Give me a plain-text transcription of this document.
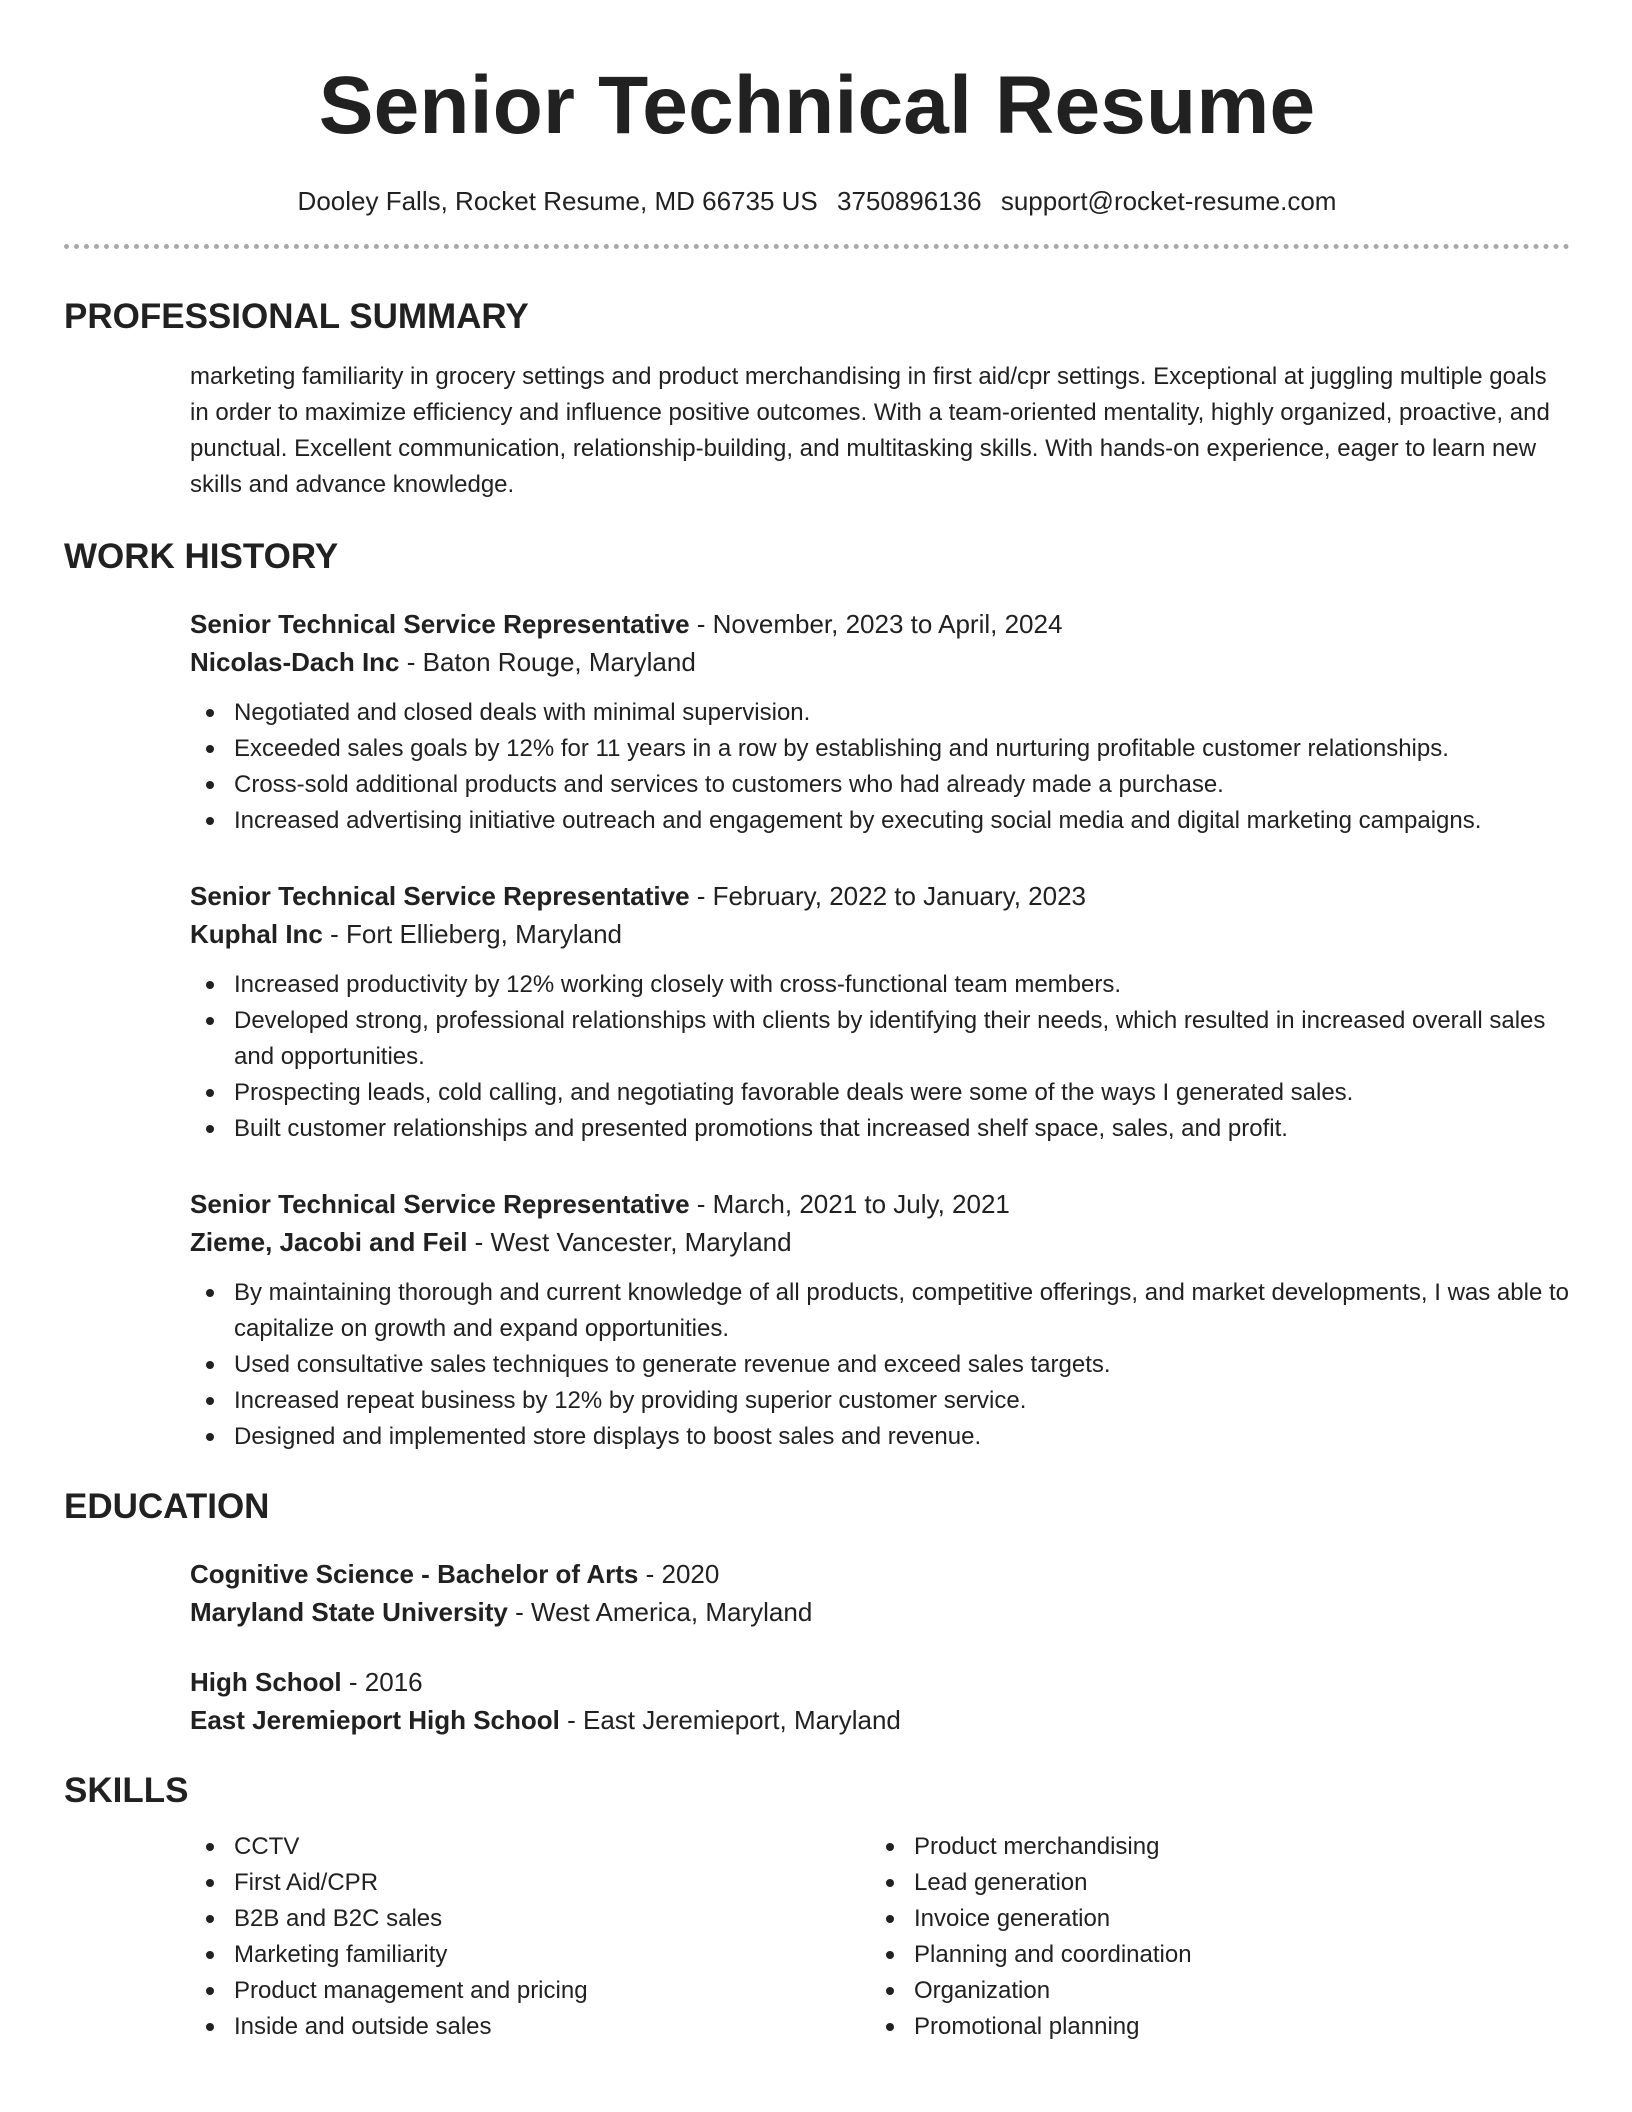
Senior Technical Resume
Dooley Falls, Rocket Resume, MD 66735 US 3750896136 support@rocket-resume.com
PROFESSIONAL SUMMARY

marketing familiarity in grocery settings and product merchandising in first aid/cpr settings. Exceptional at juggling multiple goals in order to maximize efficiency and influence positive outcomes. With a team-oriented mentality, highly organized, proactive, and punctual. Excellent communication, relationship-building, and multitasking skills. With hands-on experience, eager to learn new skills and advance knowledge.

WORK HISTORY
Senior Technical Service Representative - November, 2023 to April, 2024
Nicolas-Dach Inc - Baton Rouge, Maryland
Negotiated and closed deals with minimal supervision.
Exceeded sales goals by 12% for 11 years in a row by establishing and nurturing profitable customer relationships.
Cross-sold additional products and services to customers who had already made a purchase.
Increased advertising initiative outreach and engagement by executing social media and digital marketing campaigns.
Senior Technical Service Representative - February, 2022 to January, 2023
Kuphal Inc - Fort Ellieberg, Maryland
Increased productivity by 12% working closely with cross-functional team members.
Developed strong, professional relationships with clients by identifying their needs, which resulted in increased overall sales and opportunities.
Prospecting leads, cold calling, and negotiating favorable deals were some of the ways I generated sales.
Built customer relationships and presented promotions that increased shelf space, sales, and profit.
Senior Technical Service Representative - March, 2021 to July, 2021
Zieme, Jacobi and Feil - West Vancester, Maryland
By maintaining thorough and current knowledge of all products, competitive offerings, and market developments, I was able to capitalize on growth and expand opportunities.
Used consultative sales techniques to generate revenue and exceed sales targets.
Increased repeat business by 12% by providing superior customer service.
Designed and implemented store displays to boost sales and revenue.
EDUCATION
Cognitive Science - Bachelor of Arts - 2020
Maryland State University - West America, Maryland
High School - 2016
East Jeremieport High School - East Jeremieport, Maryland
SKILLS
CCTV
First Aid/CPR
B2B and B2C sales
Marketing familiarity
Product management and pricing
Inside and outside sales
Product merchandising
Lead generation
Invoice generation
Planning and coordination
Organization
Promotional planning
